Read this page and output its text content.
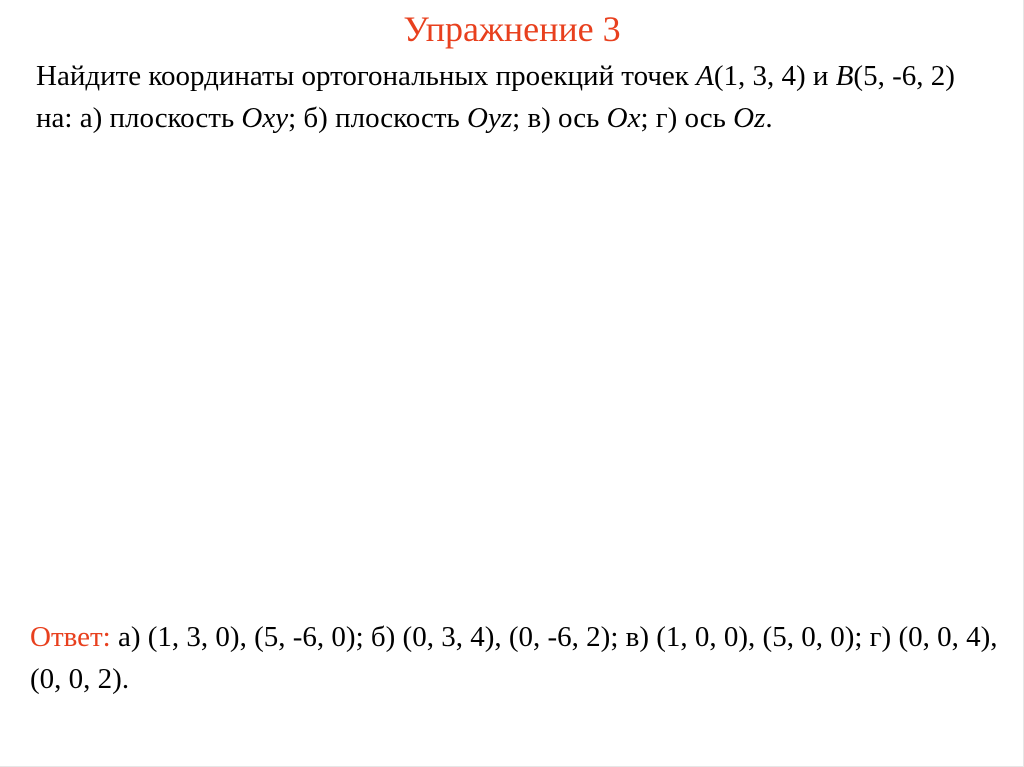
Упражнение 3
Найдите координаты ортогональных проекций точек A(1, 3, 4) и B(5, -6, 2) на: а) плоскость Oxy; б) плоскость Oyz; в) ось Ox; г) ось Oz.
Ответ: а) (1, 3, 0), (5, -6, 0); б) (0, 3, 4), (0, -6, 2); в) (1, 0, 0), (5, 0, 0); г) (0, 0, 4), (0, 0, 2).
